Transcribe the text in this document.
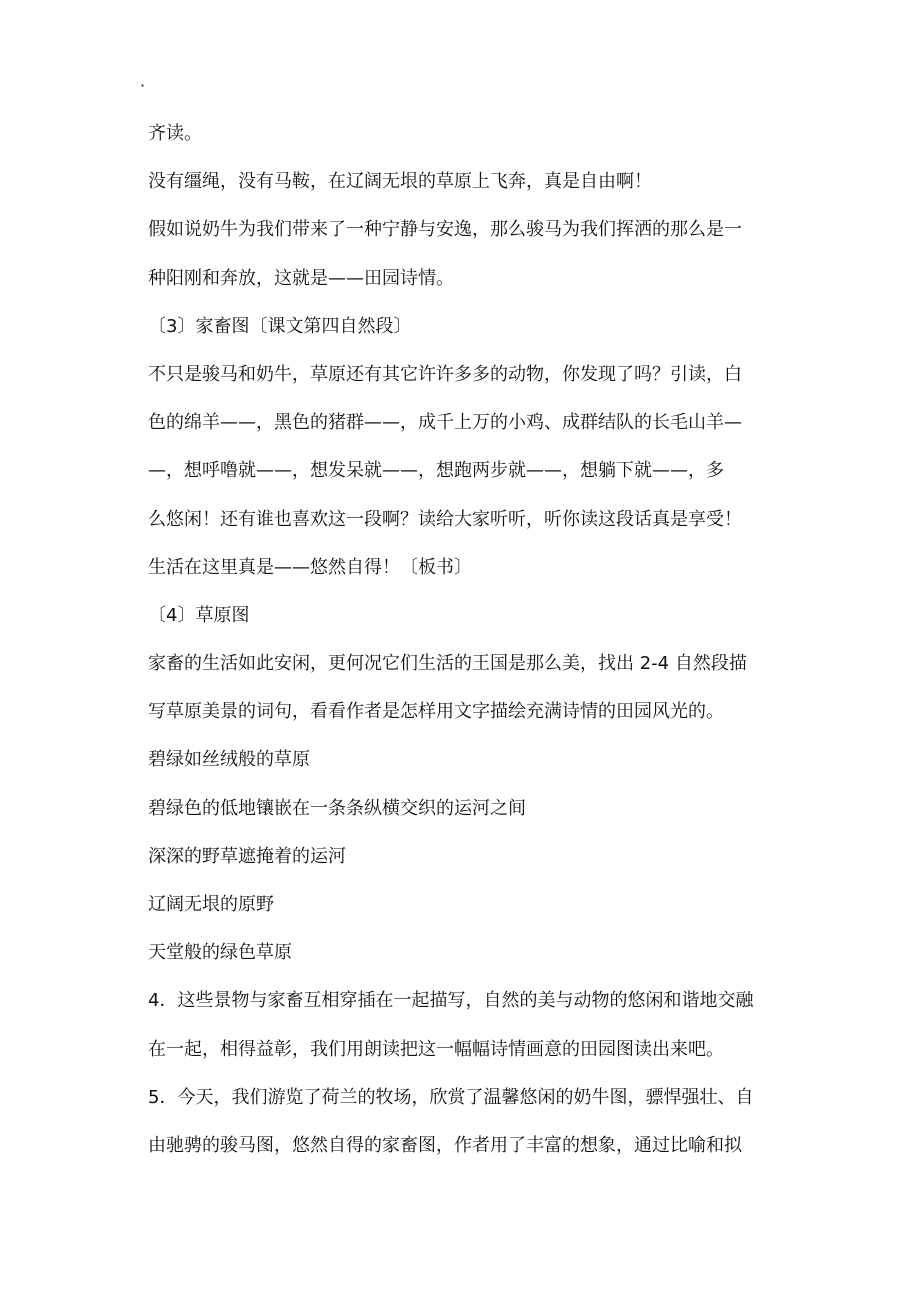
·
齐读。
没有缰绳，没有马鞍，在辽阔无垠的草原上飞奔，真是自由啊！
假如说奶牛为我们带来了一种宁静与安逸，那么骏马为我们挥洒的那么是一
种阳刚和奔放，这就是——田园诗情。
〔3〕家畜图〔课文第四自然段〕
不只是骏马和奶牛，草原还有其它许许多多的动物，你发现了吗？引读，白
色的绵羊——，黑色的猪群——，成千上万的小鸡、成群结队的长毛山羊—
—，想呼噜就——，想发呆就——，想跑两步就——，想躺下就——，多
么悠闲！还有谁也喜欢这一段啊？读给大家听听，听你读这段话真是享受！
生活在这里真是——悠然自得！〔板书〕
〔4〕草原图
家畜的生活如此安闲，更何况它们生活的王国是那么美，找出 2-4 自然段描
写草原美景的词句，看看作者是怎样用文字描绘充满诗情的田园风光的。
碧绿如丝绒般的草原
碧绿色的低地镶嵌在一条条纵横交织的运河之间
深深的野草遮掩着的运河
辽阔无垠的原野
天堂般的绿色草原
4．这些景物与家畜互相穿插在一起描写，自然的美与动物的悠闲和谐地交融
在一起，相得益彰，我们用朗读把这一幅幅诗情画意的田园图读出来吧。
5．今天，我们游览了荷兰的牧场，欣赏了温馨悠闲的奶牛图，骠悍强壮、自
由驰骋的骏马图，悠然自得的家畜图，作者用了丰富的想象，通过比喻和拟
